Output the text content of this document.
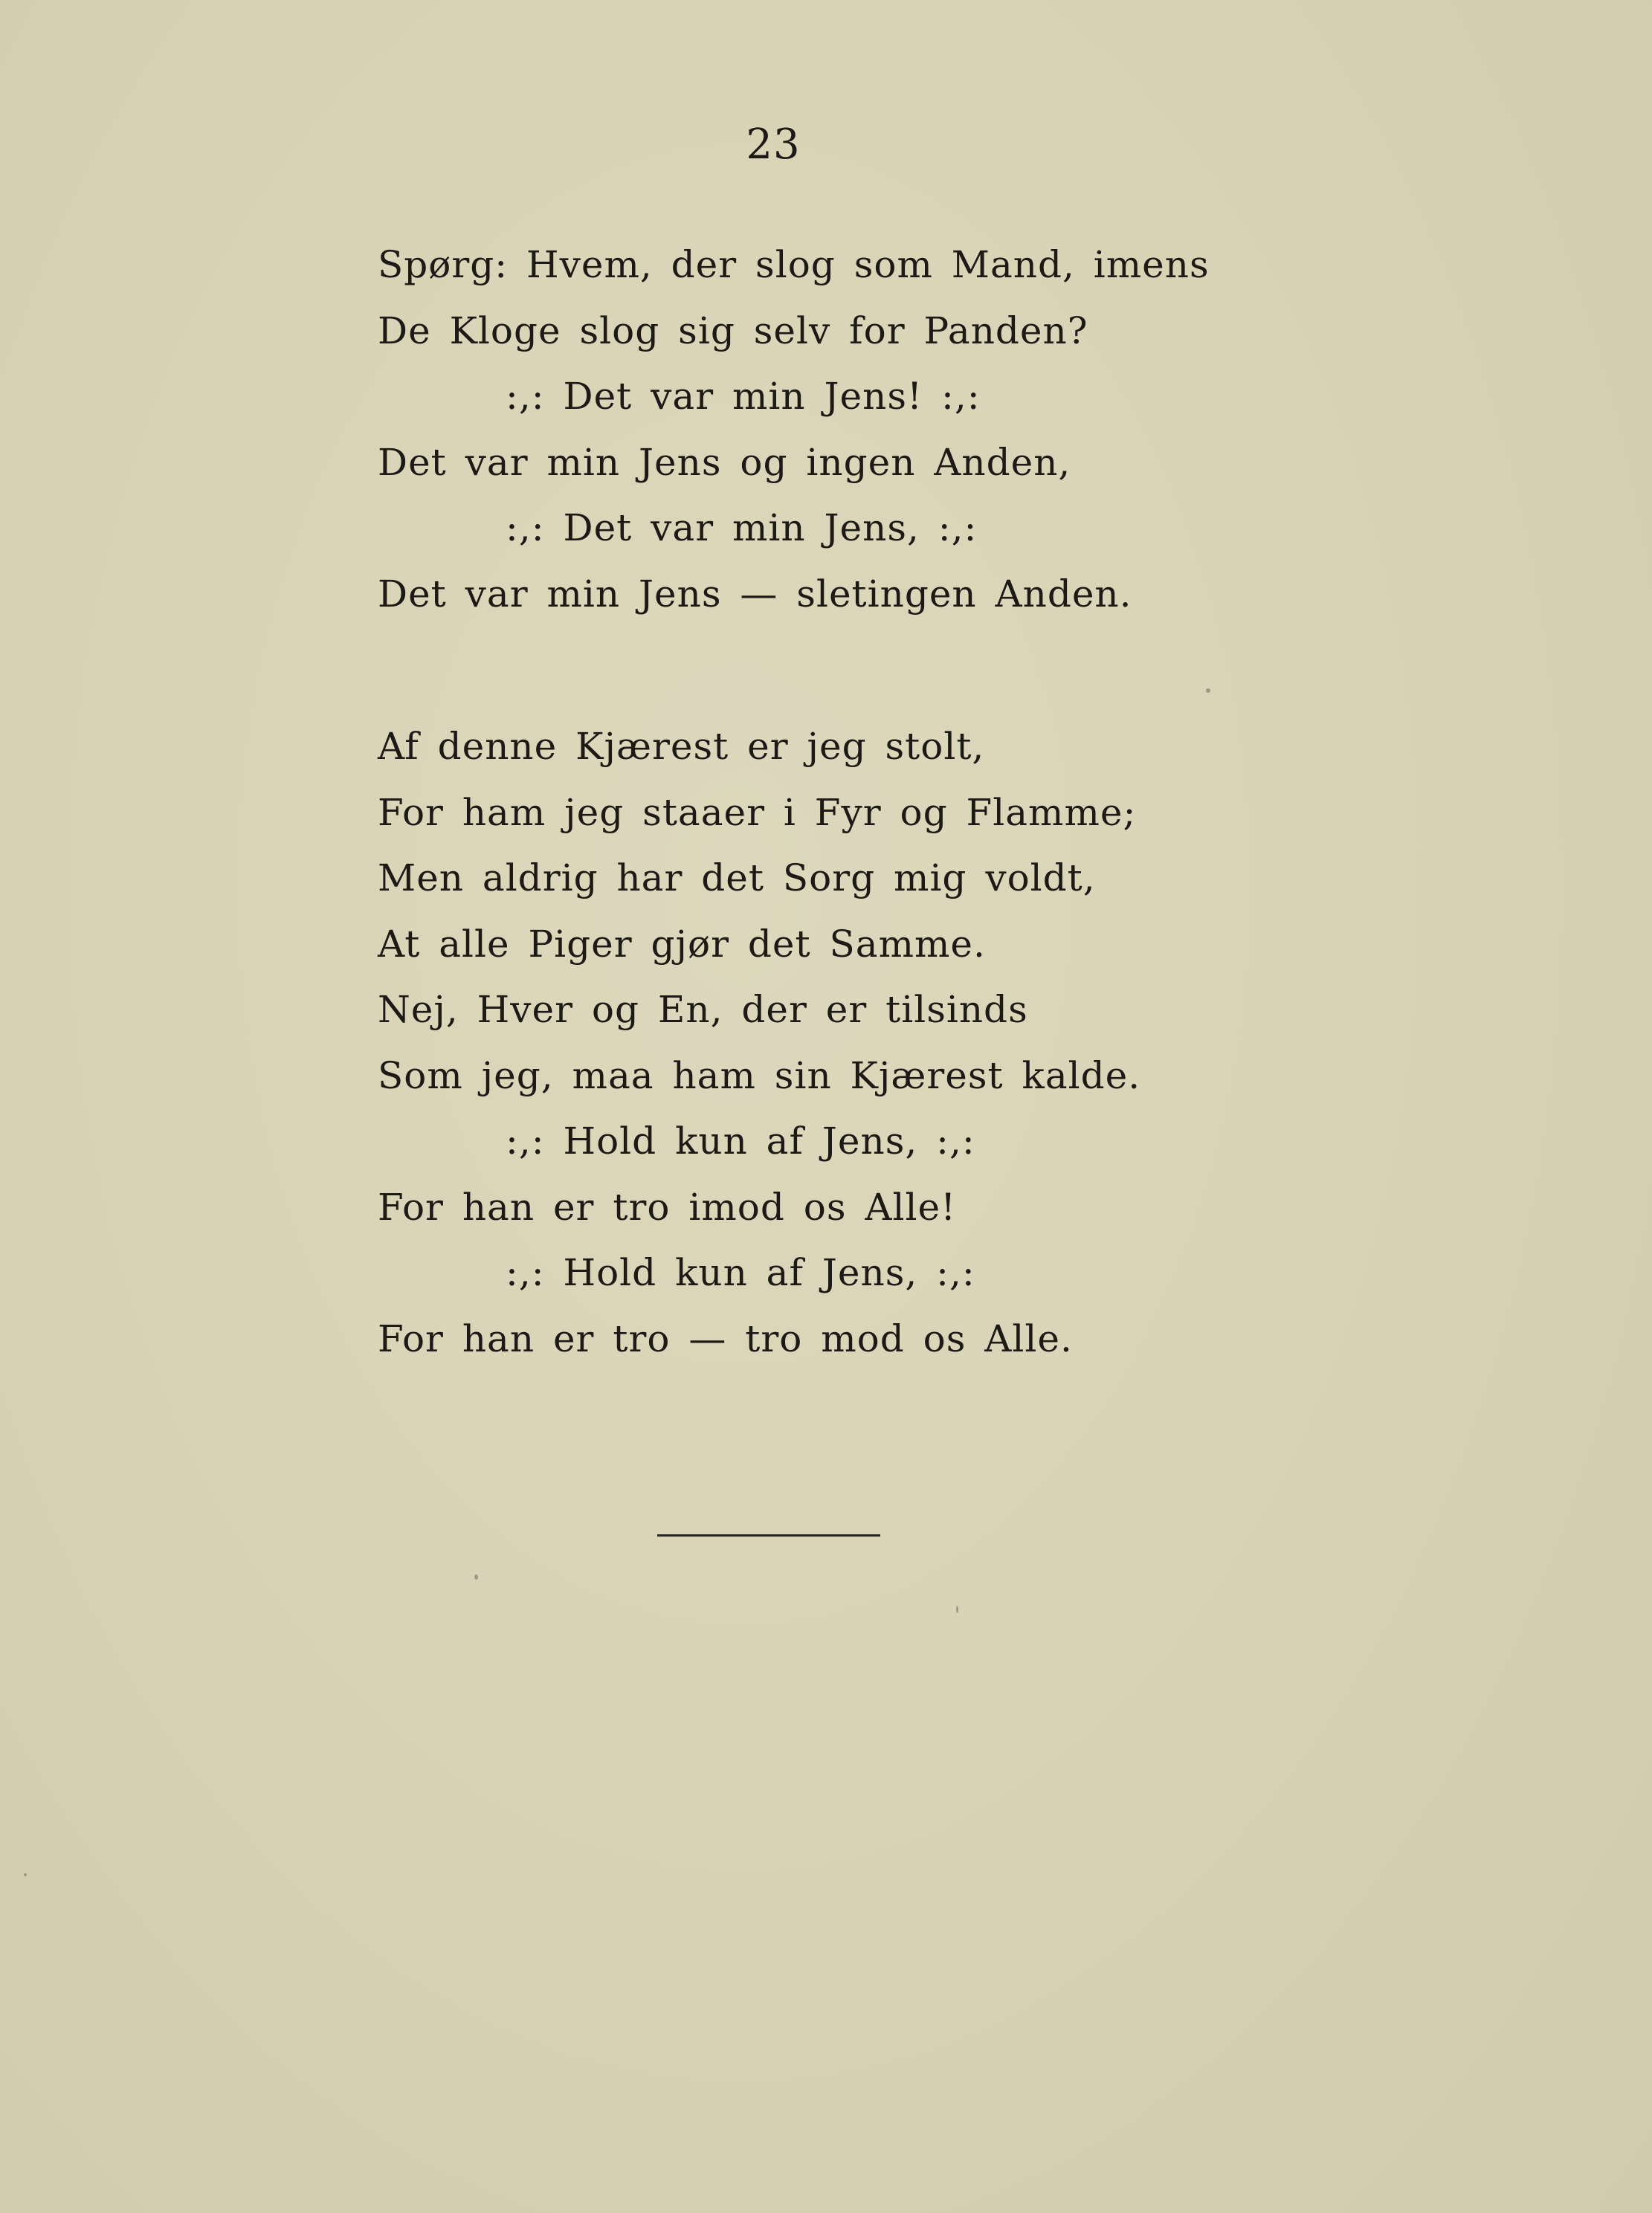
23
Spørg: Hvem, der slog som Mand, imens
De Kloge slog sig selv for Panden?
:,: Det var min Jens! :,:
Det var min Jens og ingen Anden,
:,: Det var min Jens, :,:
Det var min Jens — sletingen Anden.
Af denne Kjærest er jeg stolt,
For ham jeg staaer i Fyr og Flamme;
Men aldrig har det Sorg mig voldt,
At alle Piger gjør det Samme.
Nej, Hver og En, der er tilsinds
Som jeg, maa ham sin Kjærest kalde.
:,: Hold kun af Jens, :,:
For han er tro imod os Alle!
:,: Hold kun af Jens, :,:
For han er tro — tro mod os Alle.
